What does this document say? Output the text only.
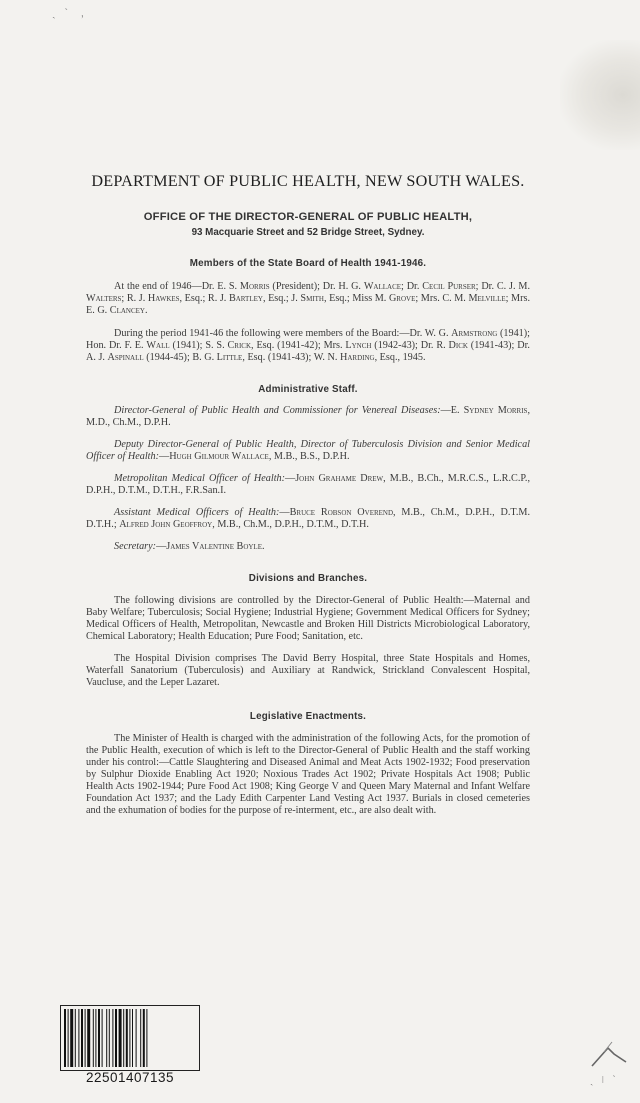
ˎ ˋ ﹐
ˎ ǀ ˋ
DEPARTMENT OF PUBLIC HEALTH, NEW SOUTH WALES.
OFFICE OF THE DIRECTOR-GENERAL OF PUBLIC HEALTH,
93 Macquarie Street and 52 Bridge Street, Sydney.
Members of the State Board of Health 1941-1946.

At the end of 1946—Dr. E. S. Morris (President); Dr. H. G. Wallace; Dr. Cecil Purser; Dr. C. J. M. Walters; R. J. Hawkes, Esq.; R. J. Bartley, Esq.; J. Smith, Esq.; Miss M. Grove; Mrs. C. M. Melville; Mrs. E. G. Clancey.

During the period 1941-46 the following were members of the Board:—Dr. W. G. Armstrong (1941); Hon. Dr. F. E. Wall (1941); S. S. Crick, Esq. (1941-42); Mrs. Lynch (1942-43); Dr. R. Dick (1941-43); Dr. A. J. Aspinall (1944-45); B. G. Little, Esq. (1941-43); W. N. Harding, Esq., 1945.

Administrative Staff.

Director-General of Public Health and Commissioner for Venereal Diseases:—E. Sydney Morris, M.D., Ch.M., D.P.H.

Deputy Director-General of Public Health, Director of Tuberculosis Division and Senior Medical Officer of Health:—Hugh Gilmour Wallace, M.B., B.S., D.P.H.

Metropolitan Medical Officer of Health:—John Grahame Drew, M.B., B.Ch., M.R.C.S., L.R.C.P., D.P.H., D.T.M., D.T.H., F.R.San.I.

Assistant Medical Officers of Health:—Bruce Robson Overend, M.B., Ch.M., D.P.H., D.T.M. D.T.H.; Alfred John Geoffroy, M.B., Ch.M., D.P.H., D.T.M., D.T.H.

Secretary:—James Valentine Boyle.

Divisions and Branches.

The following divisions are controlled by the Director-General of Public Health:—Maternal and Baby Welfare; Tuberculosis; Social Hygiene; Industrial Hygiene; Government Medical Officers for Sydney; Medical Officers of Health, Metropolitan, Newcastle and Broken Hill Districts Microbiological Laboratory, Chemical Laboratory; Health Education; Pure Food; Sanitation, etc.

The Hospital Division comprises The David Berry Hospital, three State Hospitals and Homes, Waterfall Sanatorium (Tuberculosis) and Auxiliary at Randwick, Strickland Convalescent Hospital, Vaucluse, and the Leper Lazaret.

Legislative Enactments.

The Minister of Health is charged with the administration of the following Acts, for the promotion of the Public Health, execution of which is left to the Director-General of Public Health and the staff working under his control:—Cattle Slaughtering and Diseased Animal and Meat Acts 1902-1932; Food preservation by Sulphur Dioxide Enabling Act 1920; Noxious Trades Act 1902; Private Hospitals Act 1908; Public Health Acts 1902-1944; Pure Food Act 1908; King George V and Queen Mary Maternal and Infant Welfare Foundation Act 1937; and the Lady Edith Carpenter Land Vesting Act 1937. Burials in closed cemeteries and the exhumation of bodies for the purpose of re-interment, etc., are also dealt with.

22501407135
